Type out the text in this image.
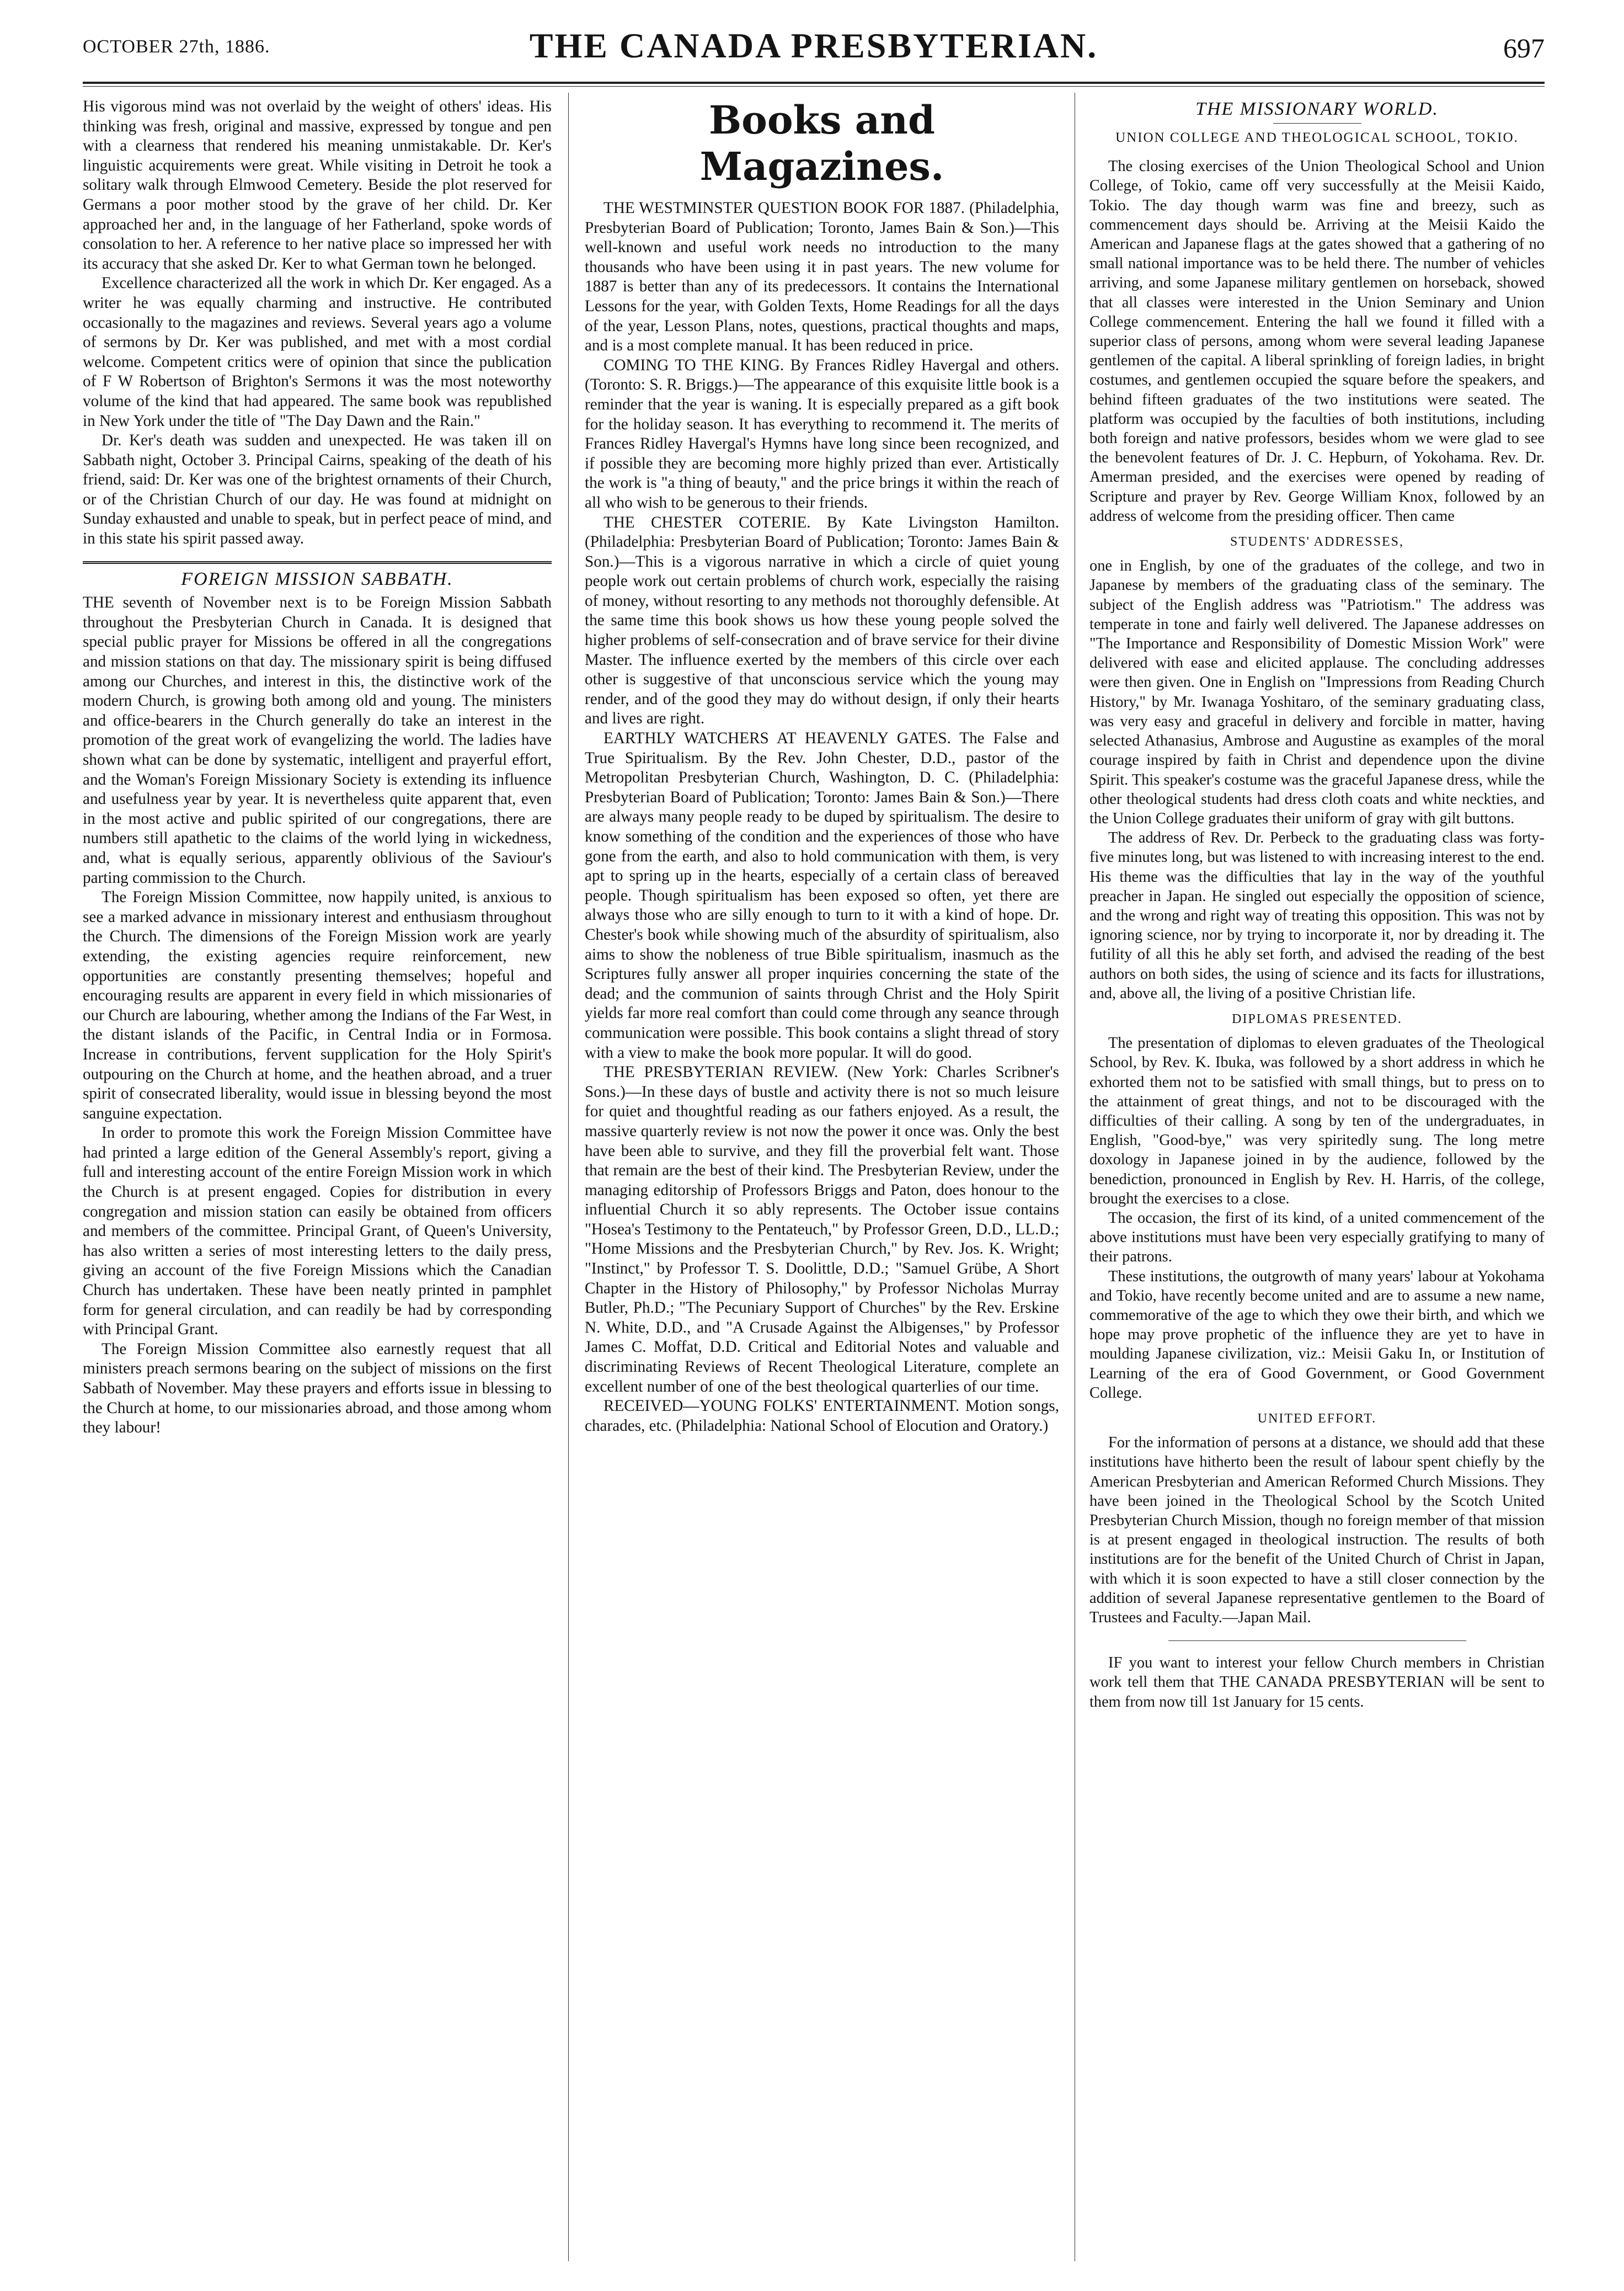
OCTOBER 27th, 1886.	THE CANADA PRESBYTERIAN.	697

His vigorous mind was not overlaid by the weight of others' ideas. His thinking was fresh, original and massive, expressed by tongue and pen with a clearness that rendered his meaning unmistakable. Dr. Ker's linguistic acquirements were great. While visiting in Detroit he took a solitary walk through Elmwood Cemetery. Beside the plot reserved for Germans a poor mother stood by the grave of her child. Dr. Ker approached her and, in the language of her Fatherland, spoke words of consolation to her. A reference to her native place so impressed her with its accuracy that she asked Dr. Ker to what German town he belonged.

Excellence characterized all the work in which Dr. Ker engaged. As a writer he was equally charming and instructive. He contributed occasionally to the magazines and reviews. Several years ago a volume of sermons by Dr. Ker was published, and met with a most cordial welcome. Competent critics were of opinion that since the publication of F W Robertson of Brighton's Sermons it was the most noteworthy volume of the kind that had appeared. The same book was republished in New York under the title of "The Day Dawn and the Rain."

Dr. Ker's death was sudden and unexpected. He was taken ill on Sabbath night, October 3. Principal Cairns, speaking of the death of his friend, said: Dr. Ker was one of the brightest ornaments of their Church, or of the Christian Church of our day. He was found at midnight on Sunday exhausted and unable to speak, but in perfect peace of mind, and in this state his spirit passed away.

FOREIGN MISSION SABBATH.

THE seventh of November next is to be Foreign Mission Sabbath throughout the Presbyterian Church in Canada. It is designed that special public prayer for Missions be offered in all the congregations and mission stations on that day. The missionary spirit is being diffused among our Churches, and interest in this, the distinctive work of the modern Church, is growing both among old and young. The ministers and office-bearers in the Church generally do take an interest in the promotion of the great work of evangelizing the world. The ladies have shown what can be done by systematic, intelligent and prayerful effort, and the Woman's Foreign Missionary Society is extending its influence and usefulness year by year. It is nevertheless quite apparent that, even in the most active and public spirited of our congregations, there are numbers still apathetic to the claims of the world lying in wickedness, and, what is equally serious, apparently oblivious of the Saviour's parting commission to the Church.

The Foreign Mission Committee, now happily united, is anxious to see a marked advance in missionary interest and enthusiasm throughout the Church. The dimensions of the Foreign Mission work are yearly extending, the existing agencies require reinforcement, new opportunities are constantly presenting themselves; hopeful and encouraging results are apparent in every field in which missionaries of our Church are labouring, whether among the Indians of the Far West, in the distant islands of the Pacific, in Central India or in Formosa. Increase in contributions, fervent supplication for the Holy Spirit's outpouring on the Church at home, and the heathen abroad, and a truer spirit of consecrated liberality, would issue in blessing beyond the most sanguine expectation.

In order to promote this work the Foreign Mission Committee have had printed a large edition of the General Assembly's report, giving a full and interesting account of the entire Foreign Mission work in which the Church is at present engaged. Copies for distribution in every congregation and mission station can easily be obtained from officers and members of the committee. Principal Grant, of Queen's University, has also written a series of most interesting letters to the daily press, giving an account of the five Foreign Missions which the Canadian Church has undertaken. These have been neatly printed in pamphlet form for general circulation, and can readily be had by corresponding with Principal Grant.

The Foreign Mission Committee also earnestly request that all ministers preach sermons bearing on the subject of missions on the first Sabbath of November. May these prayers and efforts issue in blessing to the Church at home, to our missionaries abroad, and those among whom they labour!

Books and Magazines.

THE WESTMINSTER QUESTION BOOK FOR 1887. (Philadelphia, Presbyterian Board of Publication; Toronto, James Bain & Son.)—This well-known and useful work needs no introduction to the many thousands who have been using it in past years. The new volume for 1887 is better than any of its predecessors. It contains the International Lessons for the year, with Golden Texts, Home Readings for all the days of the year, Lesson Plans, notes, questions, practical thoughts and maps, and is a most complete manual. It has been reduced in price.

COMING TO THE KING. By Frances Ridley Havergal and others. (Toronto: S. R. Briggs.)—The appearance of this exquisite little book is a reminder that the year is waning. It is especially prepared as a gift book for the holiday season. It has everything to recommend it. The merits of Frances Ridley Havergal's Hymns have long since been recognized, and if possible they are becoming more highly prized than ever. Artistically the work is "a thing of beauty," and the price brings it within the reach of all who wish to be generous to their friends.

THE CHESTER COTERIE. By Kate Livingston Hamilton. (Philadelphia: Presbyterian Board of Publication; Toronto: James Bain & Son.)—This is a vigorous narrative in which a circle of quiet young people work out certain problems of church work, especially the raising of money, without resorting to any methods not thoroughly defensible. At the same time this book shows us how these young people solved the higher problems of self-consecration and of brave service for their divine Master. The influence exerted by the members of this circle over each other is suggestive of that unconscious service which the young may render, and of the good they may do without design, if only their hearts and lives are right.

EARTHLY WATCHERS AT HEAVENLY GATES. The False and True Spiritualism. By the Rev. John Chester, D.D., pastor of the Metropolitan Presbyterian Church, Washington, D. C. (Philadelphia: Presbyterian Board of Publication; Toronto: James Bain & Son.)—There are always many people ready to be duped by spiritualism. The desire to know something of the condition and the experiences of those who have gone from the earth, and also to hold communication with them, is very apt to spring up in the hearts, especially of a certain class of bereaved people. Though spiritualism has been exposed so often, yet there are always those who are silly enough to turn to it with a kind of hope. Dr. Chester's book while showing much of the absurdity of spiritualism, also aims to show the nobleness of true Bible spiritualism, inasmuch as the Scriptures fully answer all proper inquiries concerning the state of the dead; and the communion of saints through Christ and the Holy Spirit yields far more real comfort than could come through any seance through communication were possible. This book contains a slight thread of story with a view to make the book more popular. It will do good.

THE PRESBYTERIAN REVIEW. (New York: Charles Scribner's Sons.)—In these days of bustle and activity there is not so much leisure for quiet and thoughtful reading as our fathers enjoyed. As a result, the massive quarterly review is not now the power it once was. Only the best have been able to survive, and they fill the proverbial felt want. Those that remain are the best of their kind. The Presbyterian Review, under the managing editorship of Professors Briggs and Paton, does honour to the influential Church it so ably represents. The October issue contains "Hosea's Testimony to the Pentateuch," by Professor Green, D.D., LL.D.; "Home Missions and the Presbyterian Church," by Rev. Jos. K. Wright; "Instinct," by Professor T. S. Doolittle, D.D.; "Samuel Grübe, A Short Chapter in the History of Philosophy," by Professor Nicholas Murray Butler, Ph.D.; "The Pecuniary Support of Churches" by the Rev. Erskine N. White, D.D., and "A Crusade Against the Albigenses," by Professor James C. Moffat, D.D. Critical and Editorial Notes and valuable and discriminating Reviews of Recent Theological Literature, complete an excellent number of one of the best theological quarterlies of our time.

RECEIVED—YOUNG FOLKS' ENTERTAINMENT. Motion songs, charades, etc. (Philadelphia: National School of Elocution and Oratory.)

THE MISSIONARY WORLD.
UNION COLLEGE AND THEOLOGICAL SCHOOL, TOKIO.

The closing exercises of the Union Theological School and Union College, of Tokio, came off very successfully at the Meisii Kaido, Tokio. The day though warm was fine and breezy, such as commencement days should be. Arriving at the Meisii Kaido the American and Japanese flags at the gates showed that a gathering of no small national importance was to be held there. The number of vehicles arriving, and some Japanese military gentlemen on horseback, showed that all classes were interested in the Union Seminary and Union College commencement. Entering the hall we found it filled with a superior class of persons, among whom were several leading Japanese gentlemen of the capital. A liberal sprinkling of foreign ladies, in bright costumes, and gentlemen occupied the square before the speakers, and behind fifteen graduates of the two institutions were seated. The platform was occupied by the faculties of both institutions, including both foreign and native professors, besides whom we were glad to see the benevolent features of Dr. J. C. Hepburn, of Yokohama. Rev. Dr. Amerman presided, and the exercises were opened by reading of Scripture and prayer by Rev. George William Knox, followed by an address of welcome from the presiding officer. Then came

STUDENTS' ADDRESSES,

one in English, by one of the graduates of the college, and two in Japanese by members of the graduating class of the seminary. The subject of the English address was "Patriotism." The address was temperate in tone and fairly well delivered. The Japanese addresses on "The Importance and Responsibility of Domestic Mission Work" were delivered with ease and elicited applause. The concluding addresses were then given. One in English on "Impressions from Reading Church History," by Mr. Iwanaga Yoshitaro, of the seminary graduating class, was very easy and graceful in delivery and forcible in matter, having selected Athanasius, Ambrose and Augustine as examples of the moral courage inspired by faith in Christ and dependence upon the divine Spirit. This speaker's costume was the graceful Japanese dress, while the other theological students had dress cloth coats and white neckties, and the Union College graduates their uniform of gray with gilt buttons.

The address of Rev. Dr. Perbeck to the graduating class was forty-five minutes long, but was listened to with increasing interest to the end. His theme was the difficulties that lay in the way of the youthful preacher in Japan. He singled out especially the opposition of science, and the wrong and right way of treating this opposition. This was not by ignoring science, nor by trying to incorporate it, nor by dreading it. The futility of all this he ably set forth, and advised the reading of the best authors on both sides, the using of science and its facts for illustrations, and, above all, the living of a positive Christian life.

DIPLOMAS PRESENTED.

The presentation of diplomas to eleven graduates of the Theological School, by Rev. K. Ibuka, was followed by a short address in which he exhorted them not to be satisfied with small things, but to press on to the attainment of great things, and not to be discouraged with the difficulties of their calling. A song by ten of the undergraduates, in English, "Good-bye," was very spiritedly sung. The long metre doxology in Japanese joined in by the audience, followed by the benediction, pronounced in English by Rev. H. Harris, of the college, brought the exercises to a close.

The occasion, the first of its kind, of a united commencement of the above institutions must have been very especially gratifying to many of their patrons.

These institutions, the outgrowth of many years' labour at Yokohama and Tokio, have recently become united and are to assume a new name, commemorative of the age to which they owe their birth, and which we hope may prove prophetic of the influence they are yet to have in moulding Japanese civilization, viz.: Meisii Gaku In, or Institution of Learning of the era of Good Government, or Good Government College.

UNITED EFFORT.

For the information of persons at a distance, we should add that these institutions have hitherto been the result of labour spent chiefly by the American Presbyterian and American Reformed Church Missions. They have been joined in the Theological School by the Scotch United Presbyterian Church Mission, though no foreign member of that mission is at present engaged in theological instruction. The results of both institutions are for the benefit of the United Church of Christ in Japan, with which it is soon expected to have a still closer connection by the addition of several Japanese representative gentlemen to the Board of Trustees and Faculty.—Japan Mail.

IF you want to interest your fellow Church members in Christian work tell them that THE CANADA PRESBYTERIAN will be sent to them from now till 1st January for 15 cents.
